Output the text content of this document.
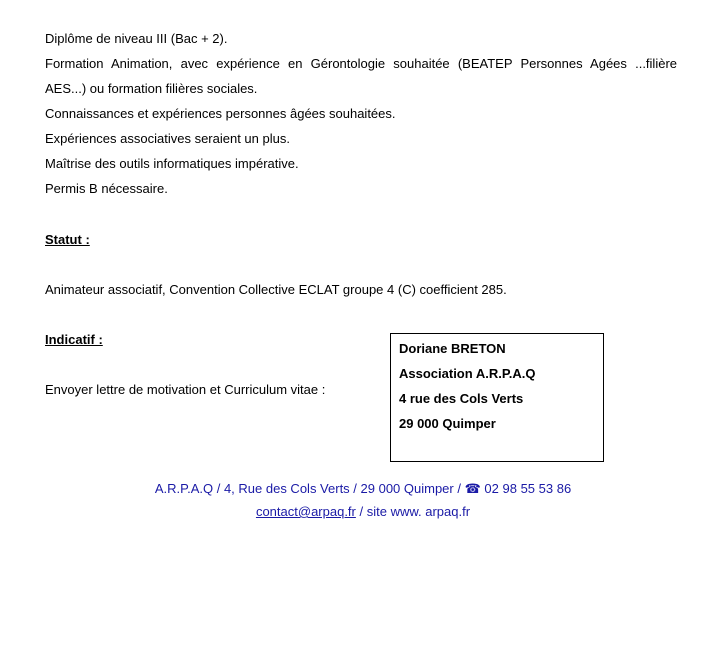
Diplôme de niveau III (Bac + 2).
Formation Animation, avec expérience en Gérontologie souhaitée (BEATEP Personnes Agées ...filière
AES...) ou formation filières sociales.
Connaissances et expériences personnes âgées souhaitées.
Expériences associatives seraient un plus.
Maîtrise des outils informatiques impérative.
Permis B nécessaire.
Statut :
Animateur associatif, Convention Collective ECLAT groupe 4 (C) coefficient 285.
Indicatif :
Envoyer lettre de motivation et Curriculum vitae :
Doriane BRETON
Association A.R.P.A.Q
4 rue des Cols Verts
29 000 Quimper
A.R.P.A.Q / 4, Rue des Cols Verts / 29 000 Quimper / ☎ 02 98 55 53 86
contact@arpaq.fr / site www. arpaq.fr
